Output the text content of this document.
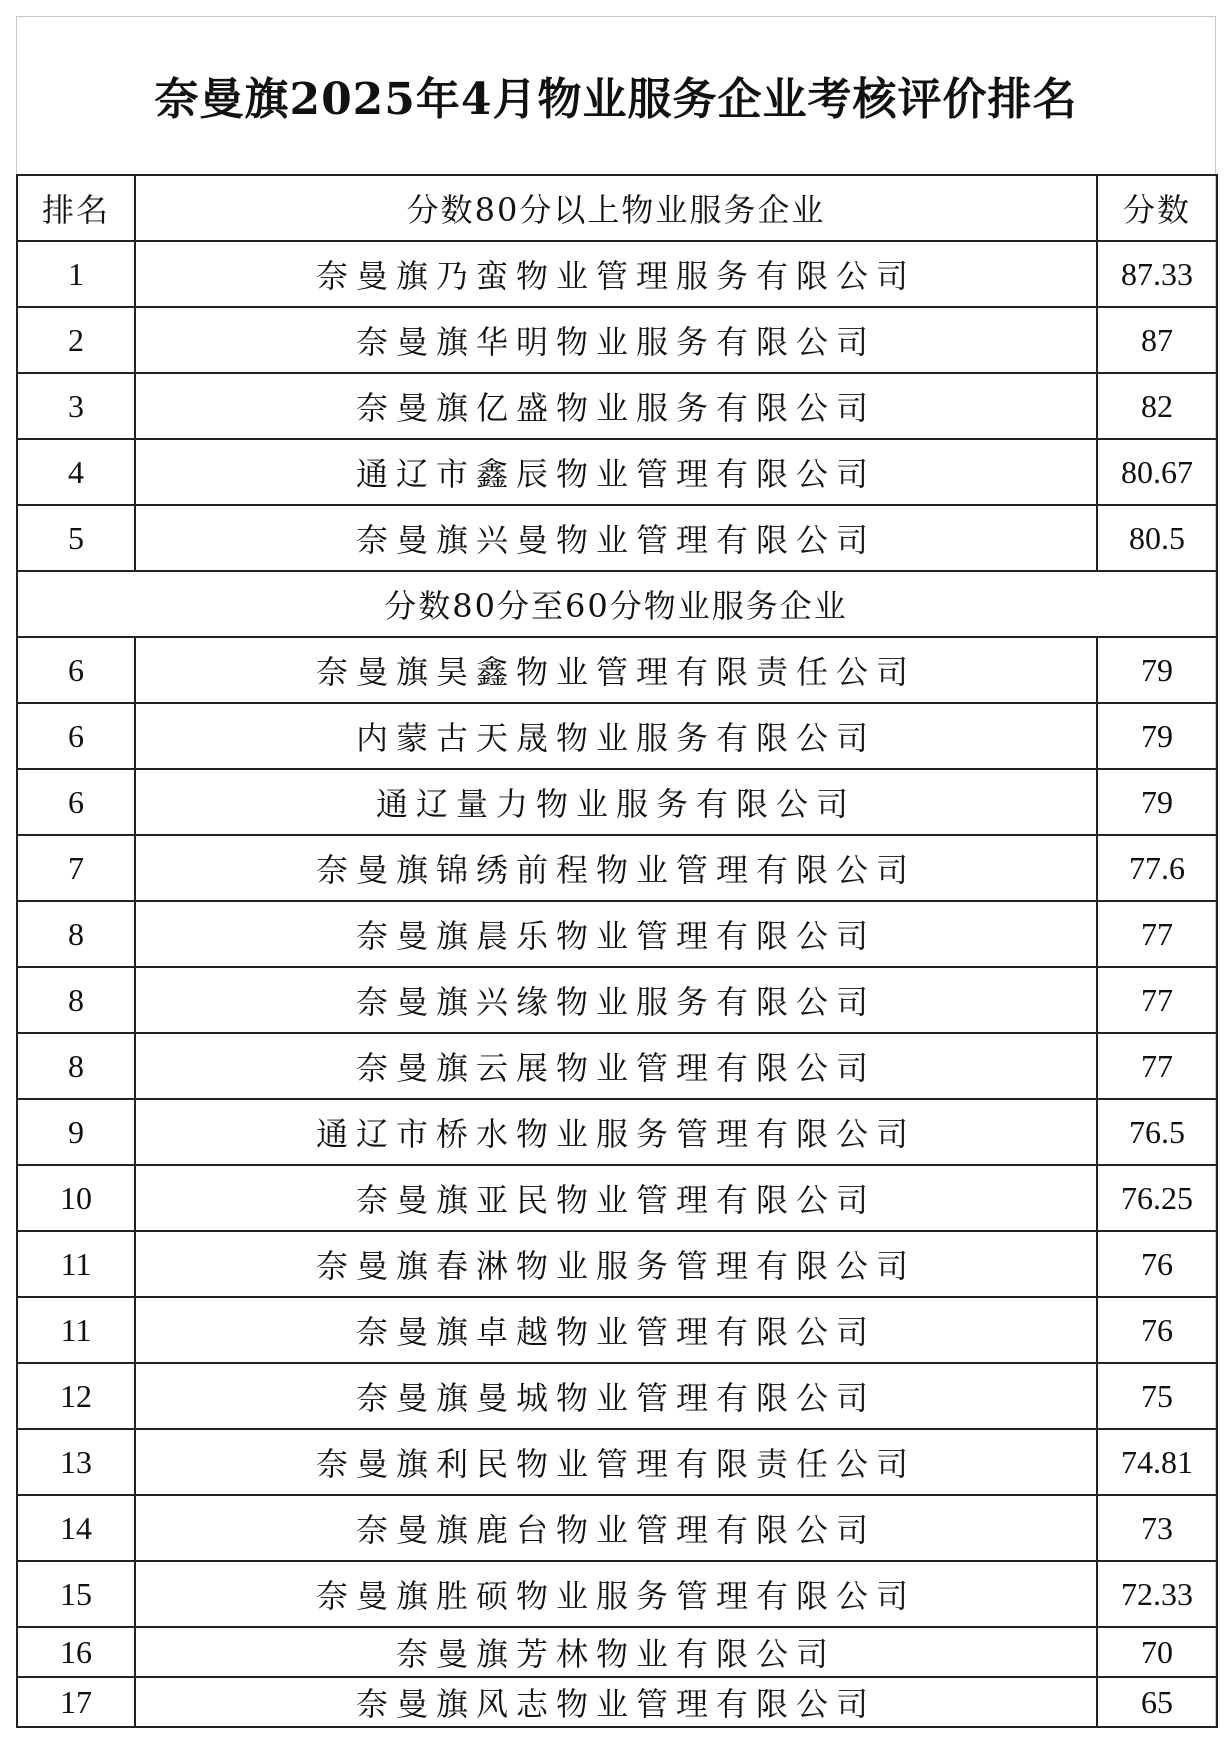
奈曼旗2025年4月物业服务企业考核评价排名
排名	分数80分以上物业服务企业	分数
1	奈曼旗乃蛮物业管理服务有限公司	87.33
2	奈曼旗华明物业服务有限公司	87
3	奈曼旗亿盛物业服务有限公司	82
4	通辽市鑫辰物业管理有限公司	80.67
5	奈曼旗兴曼物业管理有限公司	80.5
	分数80分至60分物业服务企业	
6	奈曼旗昊鑫物业管理有限责任公司	79
6	内蒙古天晟物业服务有限公司	79
6	通辽量力物业服务有限公司	79
7	奈曼旗锦绣前程物业管理有限公司	77.6
8	奈曼旗晨乐物业管理有限公司	77
8	奈曼旗兴缘物业服务有限公司	77
8	奈曼旗云展物业管理有限公司	77
9	通辽市桥水物业服务管理有限公司	76.5
10	奈曼旗亚民物业管理有限公司	76.25
11	奈曼旗春淋物业服务管理有限公司	76
11	奈曼旗卓越物业管理有限公司	76
12	奈曼旗曼城物业管理有限公司	75
13	奈曼旗利民物业管理有限责任公司	74.81
14	奈曼旗鹿台物业管理有限公司	73
15	奈曼旗胜硕物业服务管理有限公司	72.33
16	奈曼旗芳林物业有限公司	70
17	奈曼旗风志物业管理有限公司	65
